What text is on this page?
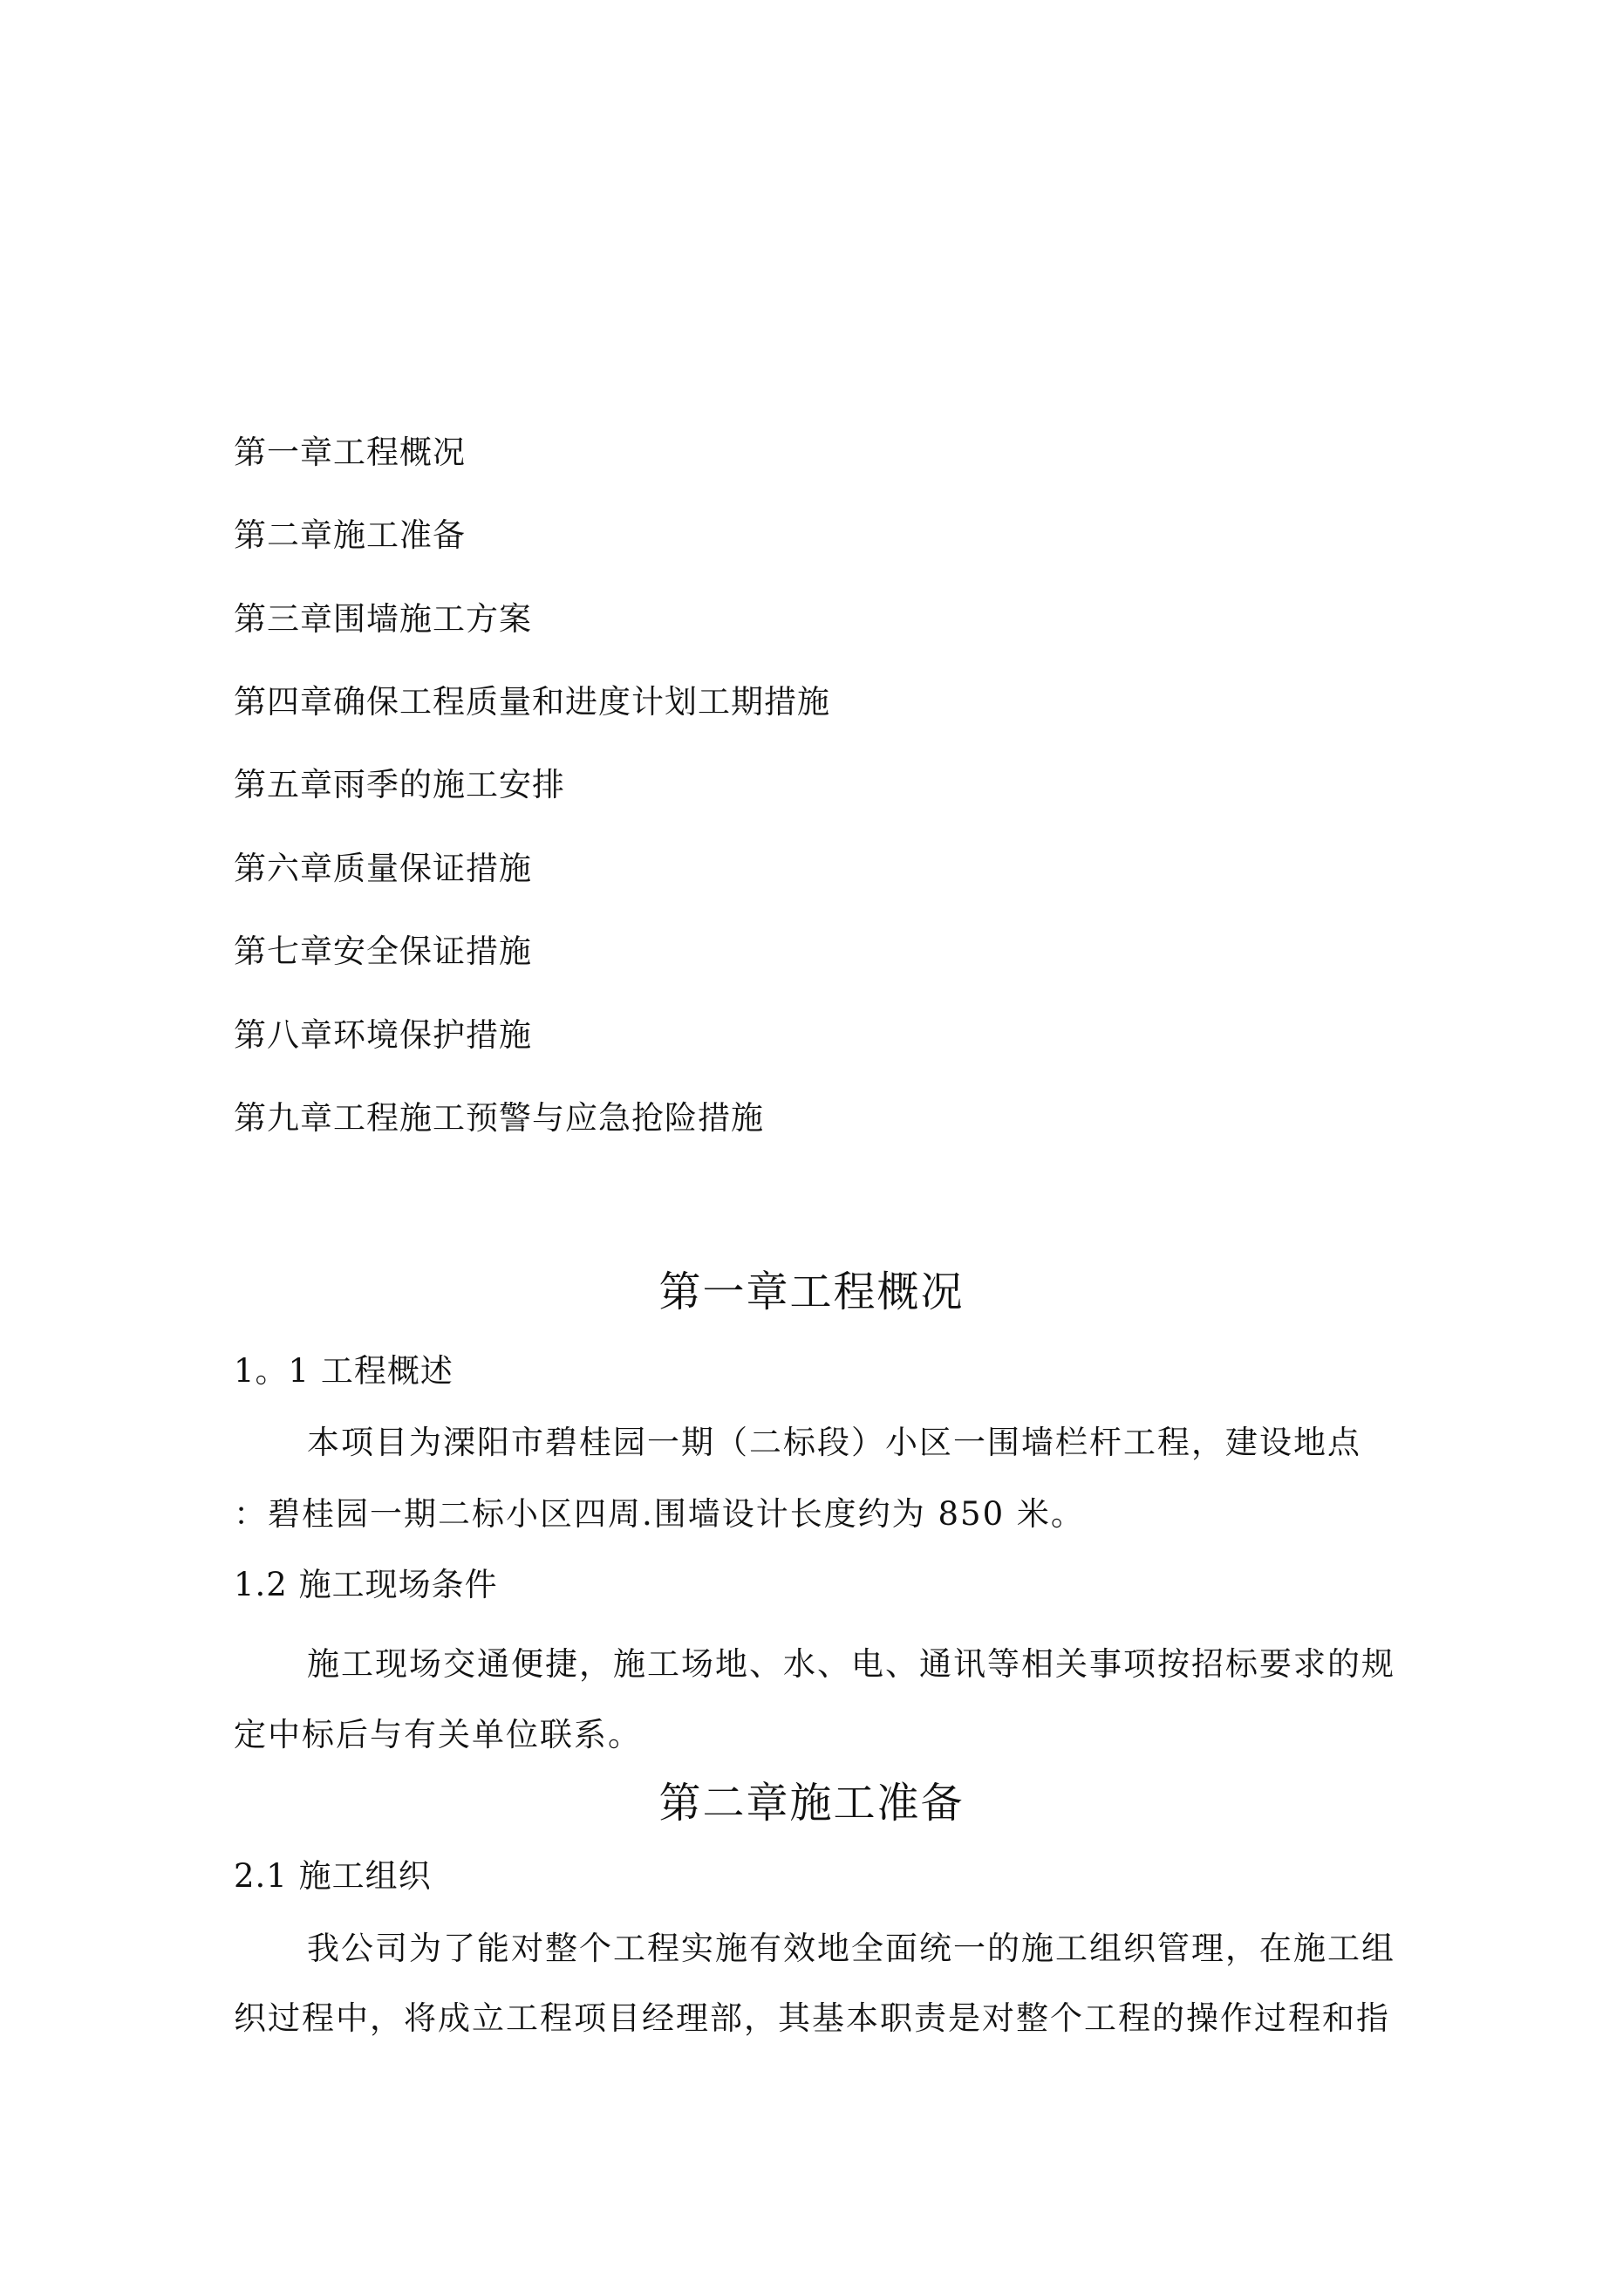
第一章工程概况
第二章施工准备
第三章围墙施工方案
第四章确保工程质量和进度计划工期措施
第五章雨季的施工安排
第六章质量保证措施
第七章安全保证措施
第八章环境保护措施
第九章工程施工预警与应急抢险措施
第一章工程概况
1。1 工程概述
本项目为溧阳市碧桂园一期（二标段）小区一围墙栏杆工程，建设地点
：碧桂园一期二标小区四周.围墙设计长度约为 850 米。
1.2 施工现场条件
施工现场交通便捷，施工场地、水、电、通讯等相关事项按招标要求的规
定中标后与有关单位联系。
第二章施工准备
2.1 施工组织
我公司为了能对整个工程实施有效地全面统一的施工组织管理，在施工组
织过程中，将成立工程项目经理部，其基本职责是对整个工程的操作过程和指
